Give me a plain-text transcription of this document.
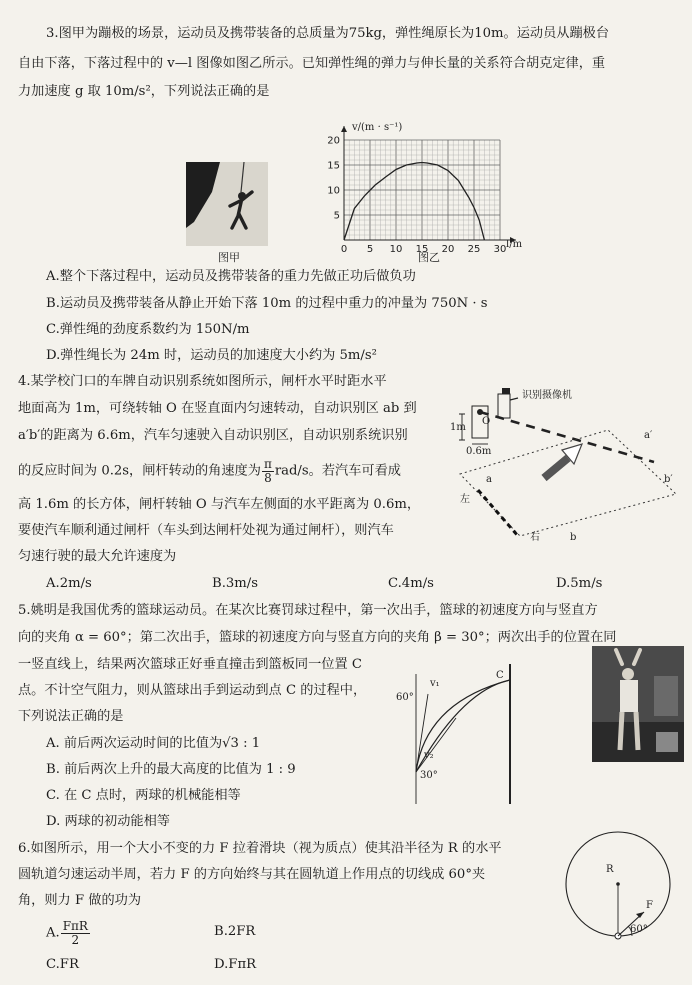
3.图甲为蹦极的场景，运动员及携带装备的总质量为75kg，弹性绳原长为10m。运动员从蹦极台
自由下落，下落过程中的 v—l 图像如图乙所示。已知弹性绳的弹力与伸长量的关系符合胡克定律，重
力加速度 g 取 10m/s²，下列说法正确的是
图甲
v/(m · s⁻¹)
l/m
0 5 10 15 20 25 30
5
10
15
20
图乙
A.整个下落过程中，运动员及携带装备的重力先做正功后做负功
B.运动员及携带装备从静止开始下落 10m 的过程中重力的冲量为 750N · s
C.弹性绳的劲度系数约为 150N/m
D.弹性绳长为 24m 时，运动员的加速度大小约为 5m/s²
4.某学校门口的车牌自动识别系统如图所示，闸杆水平时距水平
地面高为 1m，可绕转轴 O 在竖直面内匀速转动，自动识别区 ab 到
a′b′的距离为 6.6m，汽车匀速驶入自动识别区，自动识别系统识别
的反应时间为 0.2s，闸杆转动的角速度为 $\frac{\pi}{8} rad/s$。若汽车可看成
高 1.6m 的长方体，闸杆转轴 O 与汽车左侧面的水平距离为 0.6m，
要使汽车顺利通过闸杆（车头到达闸杆处视为通过闸杆），则汽车
匀速行驶的最大允许速度为
识别摄像机
O
1m
0.6m
a
b
a′
b′
左
右
A.2m/s	B.3m/s	C.4m/s	D.5m/s
5.姚明是我国优秀的篮球运动员。在某次比赛罚球过程中，第一次出手，篮球的初速度方向与竖直方
向的夹角 α = 60°；第二次出手，篮球的初速度方向与竖直方向的夹角 β = 30°；两次出手的位置在同
一竖直线上，结果两次篮球正好垂直撞击到篮板同一位置 C
点。不计空气阻力，则从篮球出手到运动到点 C 的过程中，
下列说法正确的是
C
v₁
v₂
60°
30°
A. 前后两次运动时间的比值为√3 : 1
B. 前后两次上升的最大高度的比值为 1 : 9
C. 在 C 点时，两球的机械能相等
D. 两球的初动能相等
6.如图所示，用一个大小不变的力 F 拉着滑块（视为质点）使其沿半径为 R 的水平
圆轨道匀速运动半周，若力 F 的方向始终与其在圆轨道上作用点的切线成 60°夹
角，则力 F 做的功为
A. $\frac{\text{FπR}}{2}$	B.2FR
C.FR	D.FπR
R
F
60°
